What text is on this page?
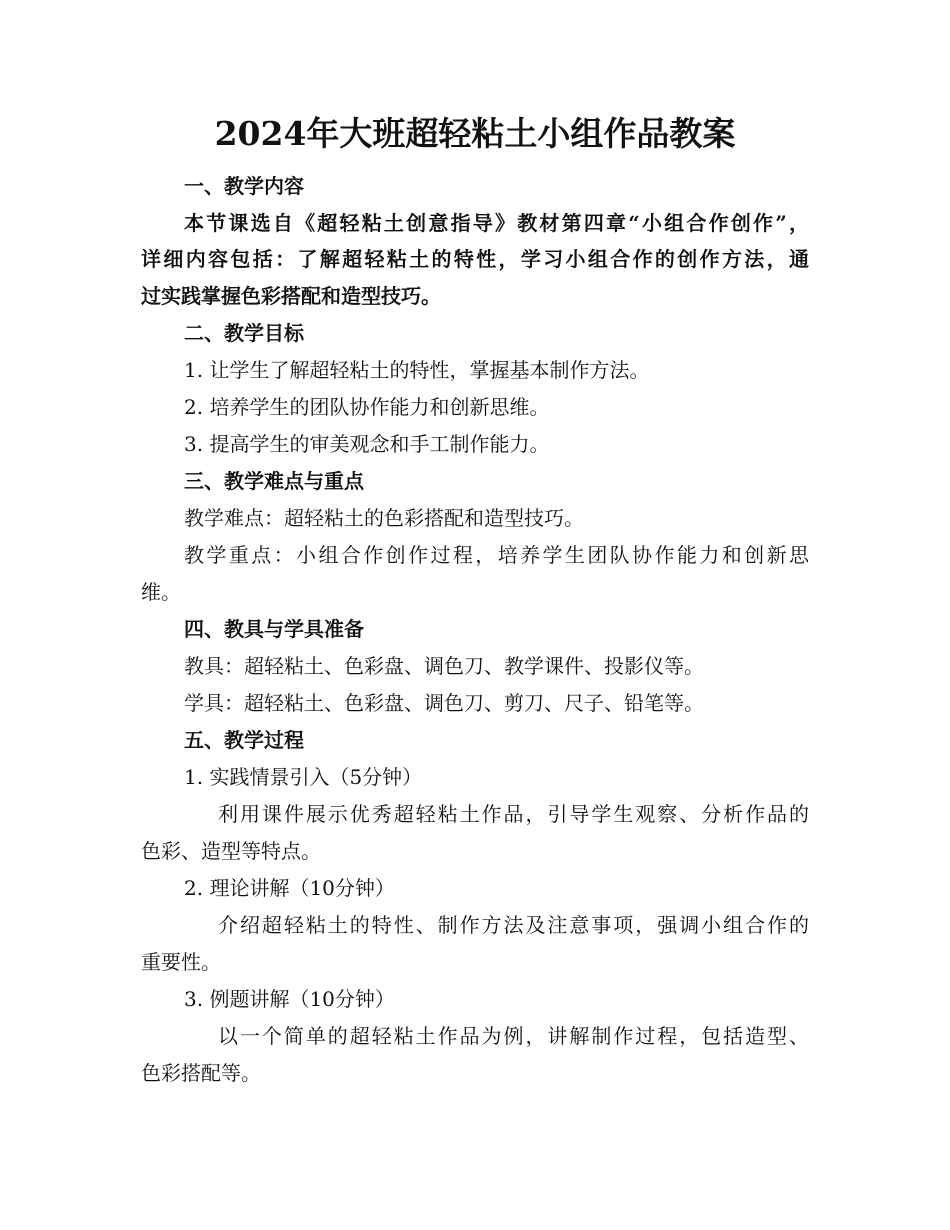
2024年大班超轻粘土小组作品教案
一、教学内容
本节课选自《超轻粘土创意指导》教材第四章“小组合作创作”，
详细内容包括：了解超轻粘土的特性，学习小组合作的创作方法，通
过实践掌握色彩搭配和造型技巧。
二、教学目标
1. 让学生了解超轻粘土的特性，掌握基本制作方法。
2. 培养学生的团队协作能力和创新思维。
3. 提高学生的审美观念和手工制作能力。
三、教学难点与重点
教学难点：超轻粘土的色彩搭配和造型技巧。
教学重点：小组合作创作过程，培养学生团队协作能力和创新思
维。
四、教具与学具准备
教具：超轻粘土、色彩盘、调色刀、教学课件、投影仪等。
学具：超轻粘土、色彩盘、调色刀、剪刀、尺子、铅笔等。
五、教学过程
1. 实践情景引入（5分钟）
利用课件展示优秀超轻粘土作品，引导学生观察、分析作品的
色彩、造型等特点。
2. 理论讲解（10分钟）
介绍超轻粘土的特性、制作方法及注意事项，强调小组合作的
重要性。
3. 例题讲解（10分钟）
以一个简单的超轻粘土作品为例，讲解制作过程，包括造型、
色彩搭配等。
